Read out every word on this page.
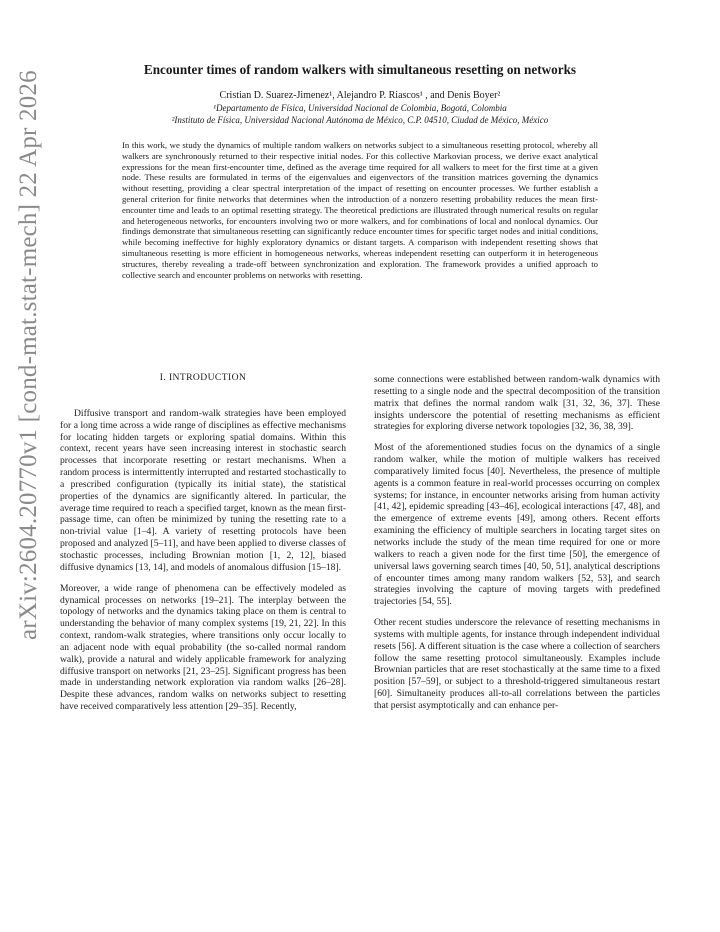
arXiv:2604.20770v1 [cond-mat.stat-mech] 22 Apr 2026
Encounter times of random walkers with simultaneous resetting on networks
Cristian D. Suarez-Jimenez¹, Alejandro P. Riascos¹ , and Denis Boyer²
¹Departamento de Física, Universidad Nacional de Colombia, Bogotá, Colombia
²Instituto de Física, Universidad Nacional Autónoma de México, C.P. 04510, Ciudad de México, México
In this work, we study the dynamics of multiple random walkers on networks subject to a simultaneous resetting protocol, whereby all walkers are synchronously returned to their respective initial nodes. For this collective Markovian process, we derive exact analytical expressions for the mean first-encounter time, defined as the average time required for all walkers to meet for the first time at a given node. These results are formulated in terms of the eigenvalues and eigenvectors of the transition matrices governing the dynamics without resetting, providing a clear spectral interpretation of the impact of resetting on encounter processes. We further establish a general criterion for finite networks that determines when the introduction of a nonzero resetting probability reduces the mean first-encounter time and leads to an optimal resetting strategy. The theoretical predictions are illustrated through numerical results on regular and heterogeneous networks, for encounters involving two or more walkers, and for combinations of local and nonlocal dynamics. Our findings demonstrate that simultaneous resetting can significantly reduce encounter times for specific target nodes and initial conditions, while becoming ineffective for highly exploratory dynamics or distant targets. A comparison with independent resetting shows that simultaneous resetting is more efficient in homogeneous networks, whereas independent resetting can outperform it in heterogeneous structures, thereby revealing a trade-off between synchronization and exploration. The framework provides a unified approach to collective search and encounter problems on networks with resetting.
I. INTRODUCTION

Diffusive transport and random-walk strategies have been employed for a long time across a wide range of disciplines as effective mechanisms for locating hidden targets or exploring spatial domains. Within this context, recent years have seen increasing interest in stochastic search processes that incorporate resetting or restart mechanisms. When a random process is intermittently interrupted and restarted stochastically to a prescribed configuration (typically its initial state), the statistical properties of the dynamics are significantly altered. In particular, the average time required to reach a specified target, known as the mean first-passage time, can often be minimized by tuning the resetting rate to a non-trivial value [1–4]. A variety of resetting protocols have been proposed and analyzed [5–11], and have been applied to diverse classes of stochastic processes, including Brownian motion [1, 2, 12], biased diffusive dynamics [13, 14], and models of anomalous diffusion [15–18].

Moreover, a wide range of phenomena can be effectively modeled as dynamical processes on networks [19–21]. The interplay between the topology of networks and the dynamics taking place on them is central to understanding the behavior of many complex systems [19, 21, 22]. In this context, random-walk strategies, where transitions only occur locally to an adjacent node with equal probability (the so-called normal random walk), provide a natural and widely applicable framework for analyzing diffusive transport on networks [21, 23–25]. Significant progress has been made in understanding network exploration via random walks [26–28]. Despite these advances, random walks on networks subject to resetting have received comparatively less attention [29–35]. Recently,

some connections were established between random-walk dynamics with resetting to a single node and the spectral decomposition of the transition matrix that defines the normal random walk [31, 32, 36, 37]. These insights underscore the potential of resetting mechanisms as efficient strategies for exploring diverse network topologies [32, 36, 38, 39].

Most of the aforementioned studies focus on the dynamics of a single random walker, while the motion of multiple walkers has received comparatively limited focus [40]. Nevertheless, the presence of multiple agents is a common feature in real-world processes occurring on complex systems; for instance, in encounter networks arising from human activity [41, 42], epidemic spreading [43–46], ecological interactions [47, 48], and the emergence of extreme events [49], among others. Recent efforts examining the efficiency of multiple searchers in locating target sites on networks include the study of the mean time required for one or more walkers to reach a given node for the first time [50], the emergence of universal laws governing search times [40, 50, 51], analytical descriptions of encounter times among many random walkers [52, 53], and search strategies involving the capture of moving targets with predefined trajectories [54, 55].

Other recent studies underscore the relevance of resetting mechanisms in systems with multiple agents, for instance through independent individual resets [56]. A different situation is the case where a collection of searchers follow the same resetting protocol simultaneously. Examples include Brownian particles that are reset stochastically at the same time to a fixed position [57–59], or subject to a threshold-triggered simultaneous restart [60]. Simultaneity produces all-to-all correlations between the particles that persist asymptotically and can enhance per-
